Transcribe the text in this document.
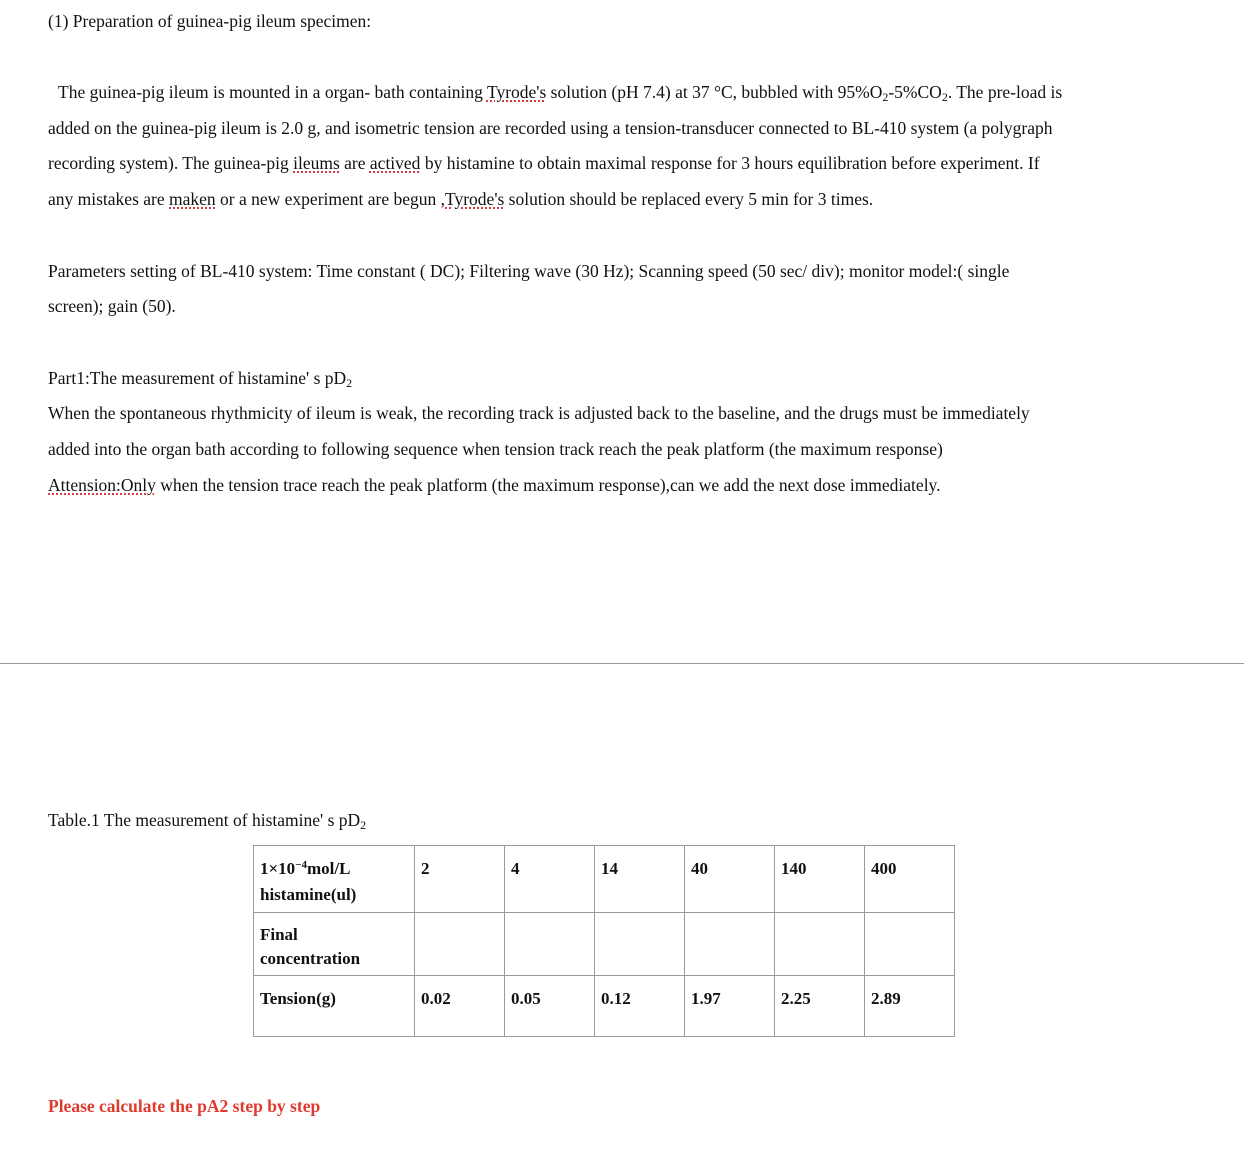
(1) Preparation of guinea-pig ileum specimen:
The guinea-pig ileum is mounted in a organ- bath containing Tyrode's solution (pH 7.4) at 37 °C, bubbled with $95\%O_2-5\%CO_2$. The pre-load is
added on the guinea-pig ileum is 2.0 g, and isometric tension are recorded using a tension-transducer connected to BL-410 system (a polygraph
recording system). The guinea-pig ileums are actived by histamine to obtain maximal response for 3 hours equilibration before experiment. If
any mistakes are maken or a new experiment are begun ,Tyrode's solution should be replaced every 5 min for 3 times.
Parameters setting of BL-410 system: Time constant ( DC); Filtering wave (30 Hz); Scanning speed (50 sec/ div); monitor model:( single
screen); gain (50).
Part1:The measurement of histamine' s $pD_2$
When the spontaneous rhythmicity of ileum is weak, the recording track is adjusted back to the baseline, and the drugs must be immediately
added into the organ bath according to following sequence when tension track reach the peak platform (the maximum response)
Attension:Only when the tension trace reach the peak platform (the maximum response),can we add the next dose immediately.
Table.1 The measurement of histamine' s $pD_2$
$1\times 10^{-4}mol/L$
histamine(ul)	2	4	14	40	140	400
Final
concentration						
Tension(g)	0.02	0.05	0.12	1.97	2.25	2.89
Please calculate the pA2 step by step
